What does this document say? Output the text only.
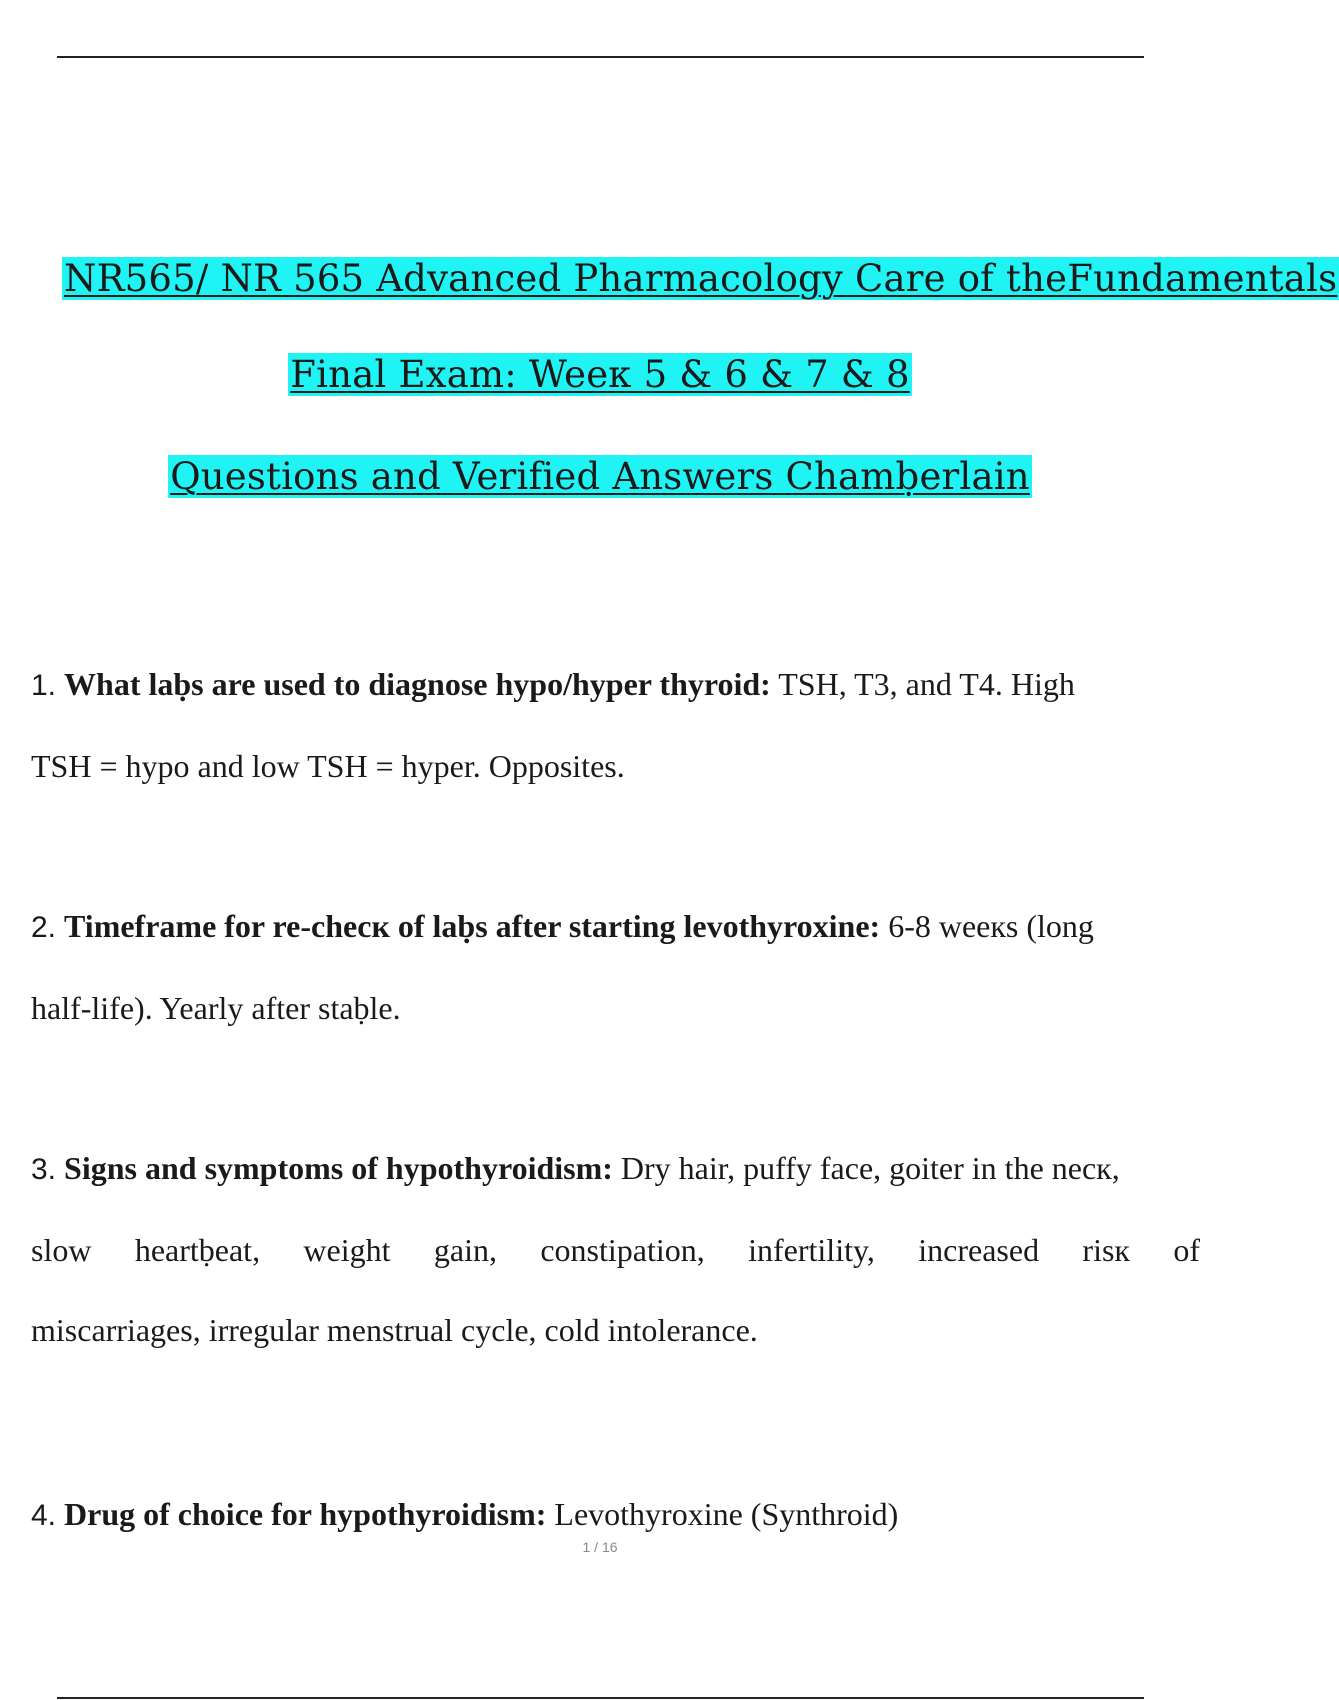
NR565/ NR 565 Advanced Pharmacology Care of theFundamentals
Final Exam: Weeк 5 & 6 & 7 & 8
Questions and Verified Answers Chamḅerlain
1. What laḅs are used to diagnose hypo/hyper thyroid: TSH, T3, and T4. High
TSH = hypo and low TSH = hyper. Opposites.
2. Timeframe for re-checк of laḅs after starting levothyroxine: 6-8 weeкs (long
half-life). Yearly after staḅle.
3. Signs and symptoms of hypothyroidism: Dry hair, puffy face, goiter in the necк,
slow heartḅeat, weight gain, constipation, infertility, increased risк of
miscarriages, irregular menstrual cycle, cold intolerance.
4. Drug of choice for hypothyroidism: Levothyroxine (Synthroid)
1 / 16
